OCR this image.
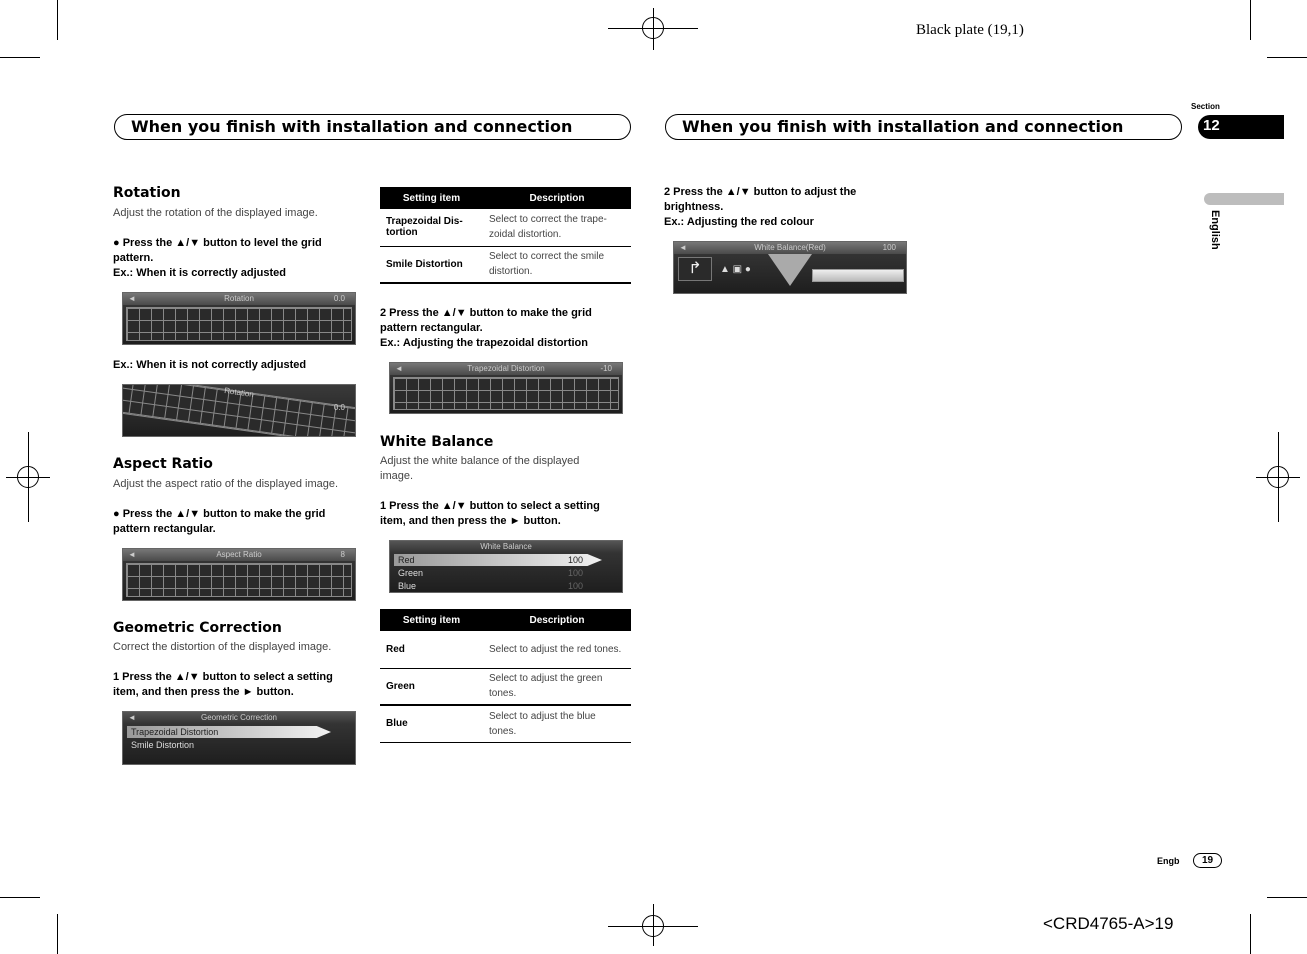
Black plate (19,1)
When you finish with installation and connection	When you finish with installation and connection
Section
12
English
Rotation
Adjust the rotation of the displayed image.
● Press the ▲/▼ button to level the grid pattern.
Ex.: When it is correctly adjusted
◄	Rotation	0.0
Ex.: When it is not correctly adjusted
Rotation
0.0
Aspect Ratio
Adjust the aspect ratio of the displayed image.
● Press the ▲/▼ button to make the grid pattern rectangular.
◄	Aspect Ratio	8
Geometric Correction
Correct the distortion of the displayed image.
1 Press the ▲/▼ button to select a setting item, and then press the ► button.
◄	Geometric Correction
Trapezoidal Distortion
Smile Distortion
Setting item	Description
Trapezoidal Dis-tortion	Select to correct the trape-zoidal distortion.
Smile Distortion	Select to correct the smile distortion.
2 Press the ▲/▼ button to make the grid pattern rectangular.
Ex.: Adjusting the trapezoidal distortion
◄	Trapezoidal Distortion	-10
White Balance
Adjust the white balance of the displayed image.
1 Press the ▲/▼ button to select a setting item, and then press the ► button.
White Balance
Red	100
Green	100
Blue	100
Setting item	Description
Red	Select to adjust the red tones.
Green	Select to adjust the green tones.
Blue	Select to adjust the blue tones.
2 Press the ▲/▼ button to adjust the brightness.
Ex.: Adjusting the red colour
◄	White Balance(Red)	100
↱	▲ ▣ ●
Engb	19
<CRD4765-A>19
